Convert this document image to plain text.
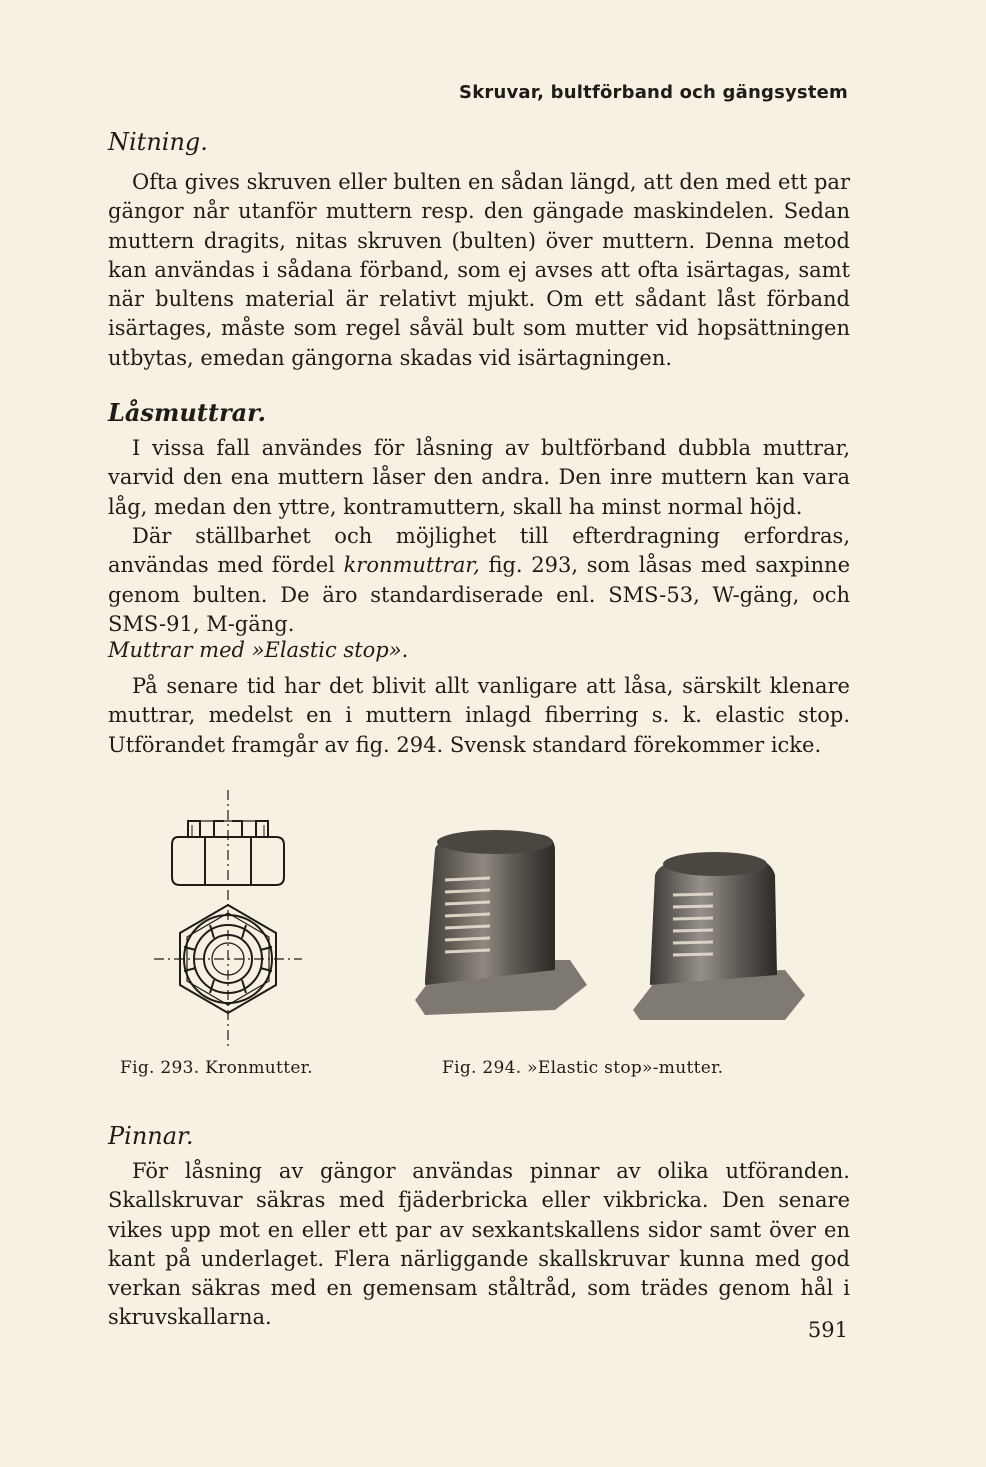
Skruvar, bultförband och gängsystem
Nitning.

Ofta gives skruven eller bulten en sådan längd, att den med ett par gängor når utanför muttern resp. den gängade maskindelen. Sedan muttern dragits, nitas skruven (bulten) över muttern. Denna metod kan användas i sådana förband, som ej avses att ofta isärtagas, samt när bultens material är relativt mjukt. Om ett sådant låst förband isärtages, måste som regel såväl bult som mutter vid hopsättningen utbytas, emedan gängorna skadas vid isärtagningen.

Låsmuttrar.

I vissa fall användes för låsning av bultförband dubbla muttrar, varvid den ena muttern låser den andra. Den inre muttern kan vara låg, medan den yttre, kontramuttern, skall ha minst normal höjd.

Där ställbarhet och möjlighet till efterdragning erfordras, användas med fördel kronmuttrar, fig. 293, som låsas med saxpinne genom bulten. De äro standardiserade enl. SMS-53, W-gäng, och SMS-91, M-gäng.

Muttrar med »Elastic stop».

På senare tid har det blivit allt vanligare att låsa, särskilt klenare muttrar, medelst en i muttern inlagd fiberring s. k. elastic stop. Utförandet framgår av fig. 294. Svensk standard förekommer icke.

Fig. 293. Kronmutter.	Fig. 294. »Elastic stop»-mutter.
Pinnar.

För låsning av gängor användas pinnar av olika utföranden. Skallskruvar säkras med fjäderbricka eller vikbricka. Den senare vikes upp mot en eller ett par av sexkantskallens sidor samt över en kant på underlaget. Flera närliggande skallskruvar kunna med god verkan säkras med en gemensam ståltråd, som trädes genom hål i skruvskallarna.

591
